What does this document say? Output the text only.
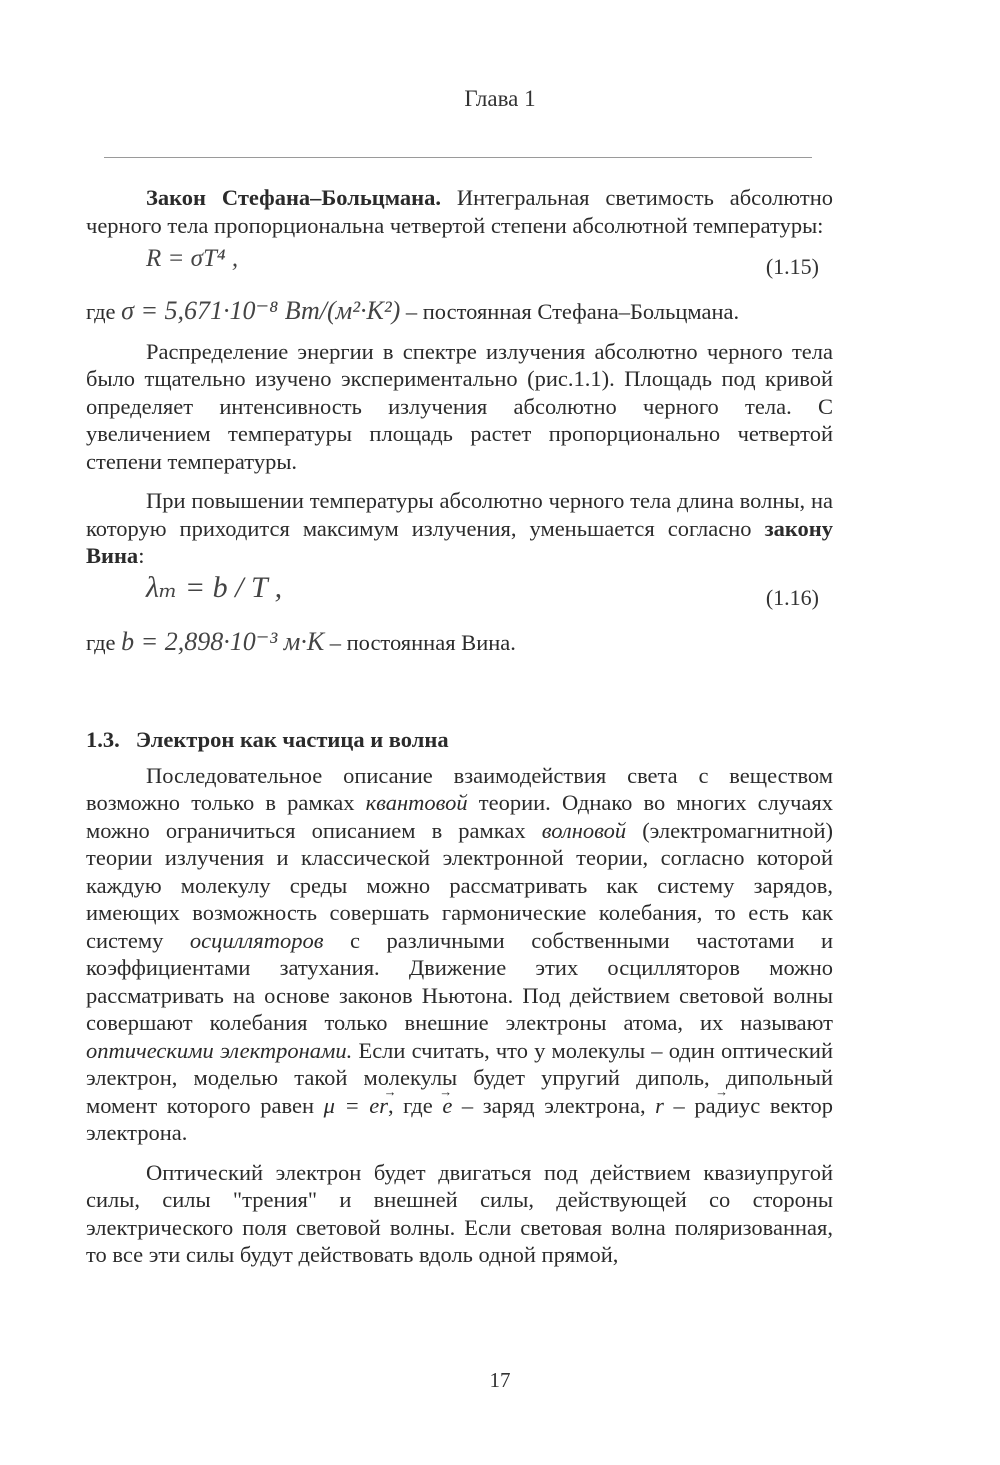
Глава 1

Закон Стефана–Больцмана. Интегральная светимость абсолютно черного тела пропорциональна четвертой степени абсолютной температуры:

R = σT⁴ ,	(1.15)

где σ = 5,671·10⁻⁸ Вт/(м²·К²) – постоянная Стефана–Больцмана.

Распределение энергии в спектре излучения абсолютно черного тела было тщательно изучено экспериментально (рис.1.1). Площадь под кривой определяет интенсивность излучения абсолютно черного тела. С увеличением температуры площадь растет пропорционально четвертой степени температуры.

При повышении температуры абсолютно черного тела длина волны, на которую приходится максимум излучения, уменьшается согласно закону Вина:

λₘ = b / T ,	(1.16)

где b = 2,898·10⁻³ м·К – постоянная Вина.

1.3. Электрон как частица и волна

Последовательное описание взаимодействия света с веществом возможно только в рамках квантовой теории. Однако во многих случаях можно ограничиться описанием в рамках волновой (электромагнитной) теории излучения и классической электронной теории, согласно которой каждую молекулу среды можно рассматривать как систему зарядов, имеющих возможность совершать гармонические колебания, то есть как систему осцилляторов с различными собственными частотами и коэффициентами затухания. Движение этих осцилляторов можно рассматривать на основе законов Ньютона. Под действием световой волны совершают колебания только внешние электроны атома, их называют оптическими электронами. Если считать, что у молекулы – один оптический электрон, моделью такой молекулы будет упругий диполь, дипольный момент которого равен μ → = er →, где e – заряд электрона, r → – радиус вектор электрона.

Оптический электрон будет двигаться под действием квазиупругой силы, силы "трения" и внешней силы, действующей со стороны электрического поля световой волны. Если световая волна поляризованная, то все эти силы будут действовать вдоль одной прямой,

17
